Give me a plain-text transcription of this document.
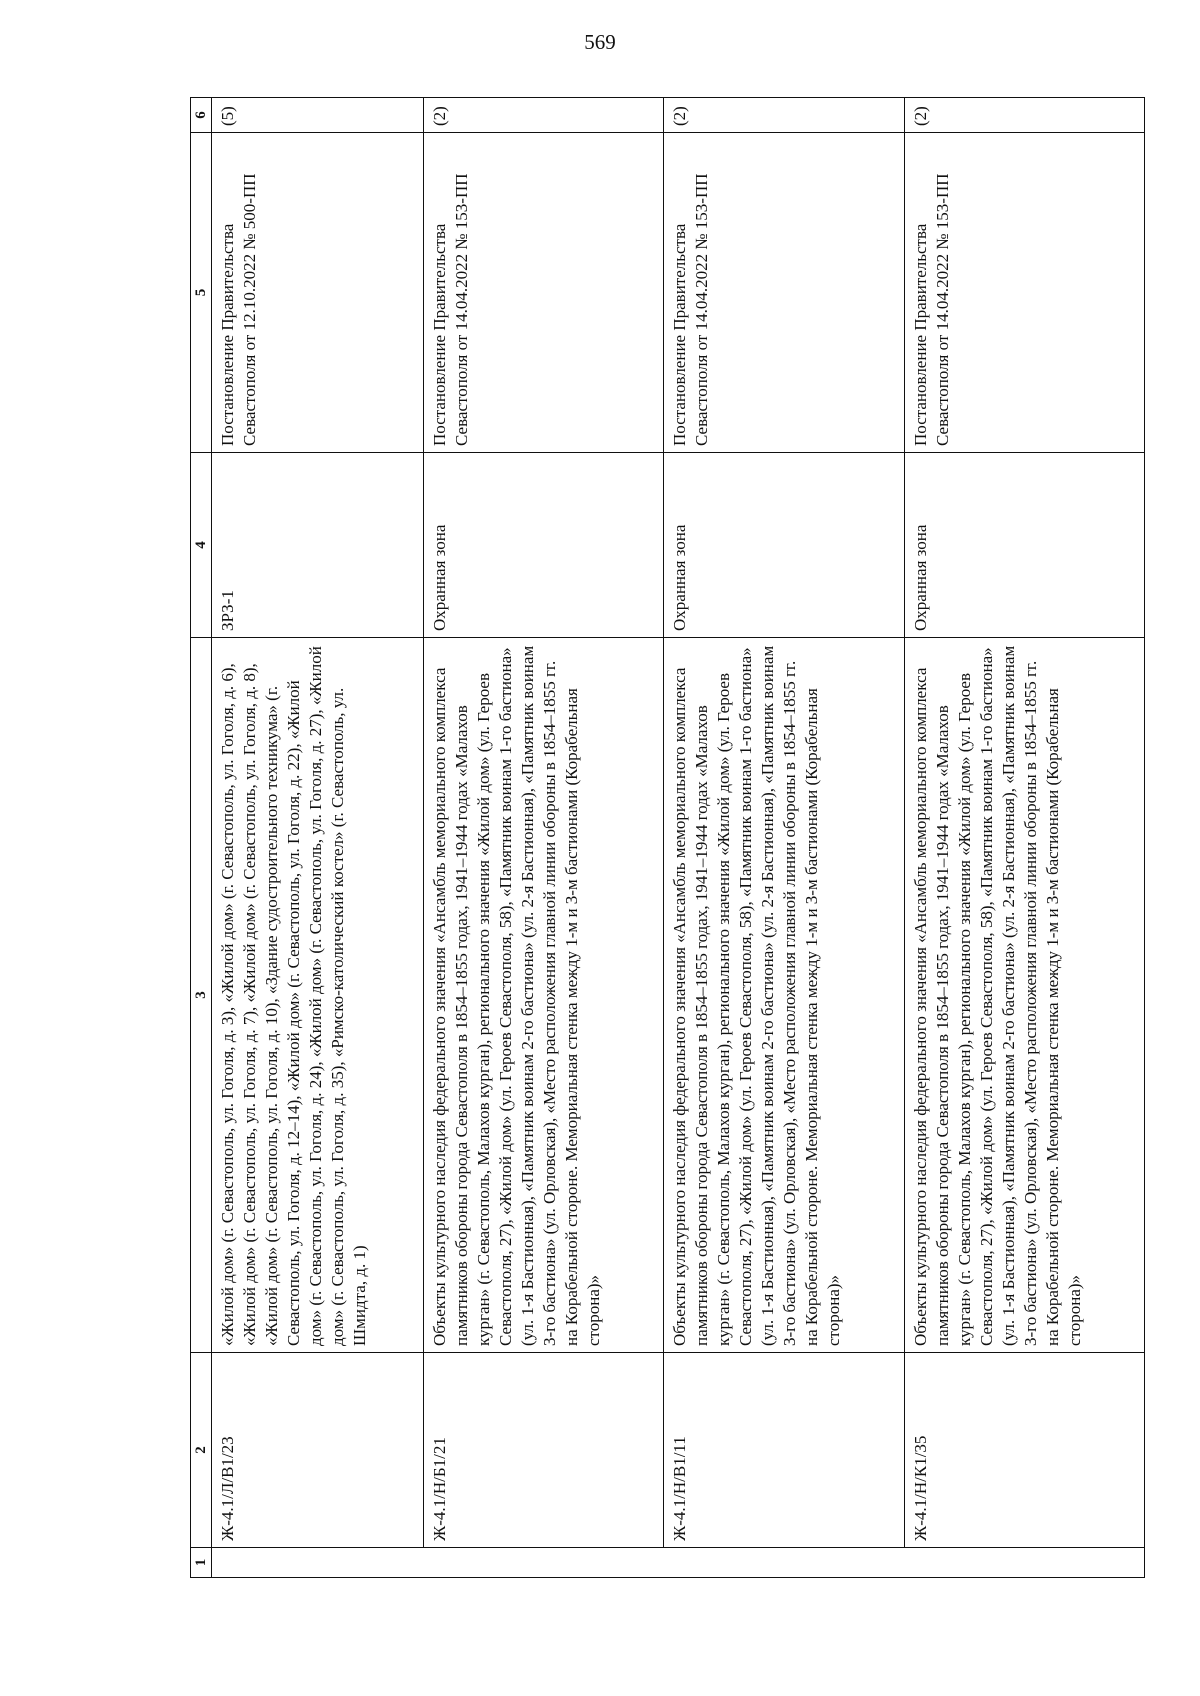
569
1	2	3	4	5	6
	Ж-4.1/Л/В1/23	«Жилой дом» (г. Севастополь, ул. Гоголя, д. 3), «Жилой дом» (г. Севастополь, ул. Гоголя, д. 6), «Жилой дом» (г. Севастополь, ул. Гоголя, д. 7), «Жилой дом» (г. Севастополь, ул. Гоголя, д. 8), «Жилой дом» (г. Севастополь, ул. Гоголя, д. 10), «Здание судостроительного техникума» (г. Севастополь, ул. Гоголя, д. 12–14), «Жилой дом» (г. Севастополь, ул. Гоголя, д. 22), «Жилой дом» (г. Севастополь, ул. Гоголя, д. 24), «Жилой дом» (г. Севастополь, ул. Гоголя, д. 27), «Жилой дом» (г. Севастополь, ул. Гоголя, д. 35), «Римско-католический костел» (г. Севастополь, ул. Шмидта, д. 1)	ЗРЗ-1	Постановление Правительства Севастополя от 12.10.2022 № 500-ПП	(5)
	Ж-4.1/Н/Б1/21	Объекты культурного наследия федерального значения «Ансамбль мемориального комплекса памятников обороны города Севастополя в 1854–1855 годах, 1941–1944 годах «Малахов курган» (г. Севастополь, Малахов курган), регионального значения «Жилой дом» (ул. Героев Севастополя, 27), «Жилой дом» (ул. Героев Севастополя, 58), «Памятник воинам 1-го бастиона» (ул. 1-я Бастионная), «Памятник воинам 2-го бастиона» (ул. 2-я Бастионная), «Памятник воинам 3-го бастиона» (ул. Орловская), «Место расположения главной линии обороны в 1854–1855 гг. на Корабельной стороне. Мемориальная стенка между 1-м и 3-м бастионами (Корабельная сторона)»	Охранная зона	Постановление Правительства Севастополя от 14.04.2022 № 153-ПП	(2)
	Ж-4.1/Н/В1/11	Объекты культурного наследия федерального значения «Ансамбль мемориального комплекса памятников обороны города Севастополя в 1854–1855 годах, 1941–1944 годах «Малахов курган» (г. Севастополь, Малахов курган), регионального значения «Жилой дом» (ул. Героев Севастополя, 27), «Жилой дом» (ул. Героев Севастополя, 58), «Памятник воинам 1-го бастиона» (ул. 1-я Бастионная), «Памятник воинам 2-го бастиона» (ул. 2-я Бастионная), «Памятник воинам 3-го бастиона» (ул. Орловская), «Место расположения главной линии обороны в 1854–1855 гг. на Корабельной стороне. Мемориальная стенка между 1-м и 3-м бастионами (Корабельная сторона)»	Охранная зона	Постановление Правительства Севастополя от 14.04.2022 № 153-ПП	(2)
	Ж-4.1/Н/К1/35	Объекты культурного наследия федерального значения «Ансамбль мемориального комплекса памятников обороны города Севастополя в 1854–1855 годах, 1941–1944 годах «Малахов курган» (г. Севастополь, Малахов курган), регионального значения «Жилой дом» (ул. Героев Севастополя, 27), «Жилой дом» (ул. Героев Севастополя, 58), «Памятник воинам 1-го бастиона» (ул. 1-я Бастионная), «Памятник воинам 2-го бастиона» (ул. 2-я Бастионная), «Памятник воинам 3-го бастиона» (ул. Орловская), «Место расположения главной линии обороны в 1854–1855 гг. на Корабельной стороне. Мемориальная стенка между 1-м и 3-м бастионами (Корабельная сторона)»	Охранная зона	Постановление Правительства Севастополя от 14.04.2022 № 153-ПП	(2)
